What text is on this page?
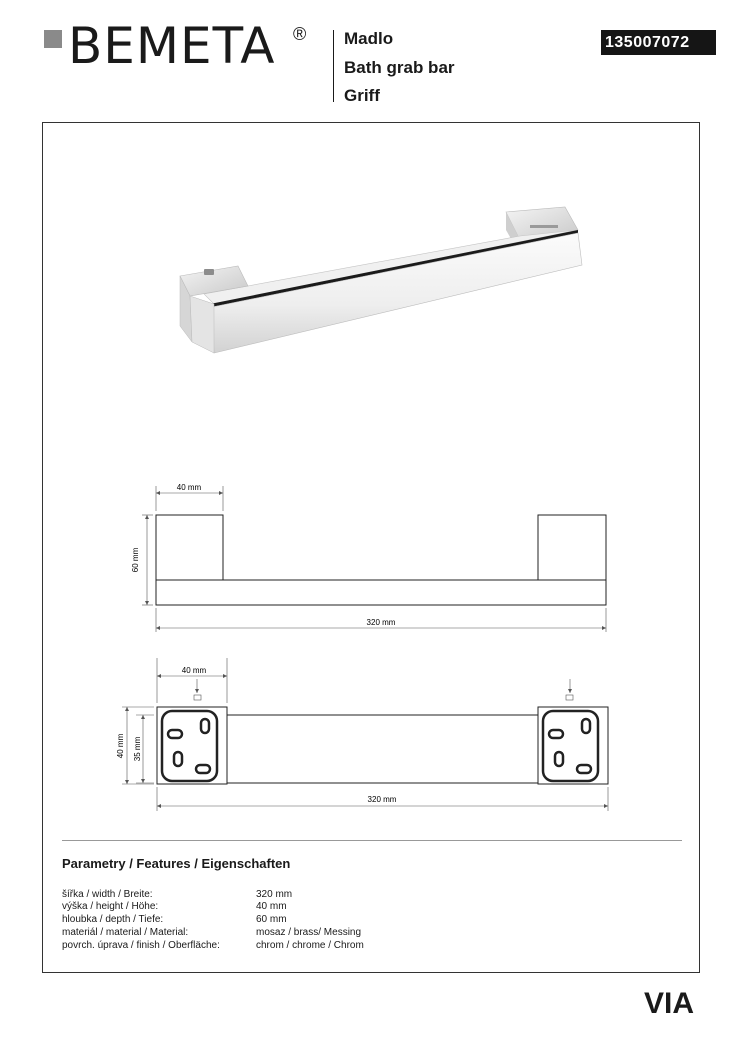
BEMETA ® Madlo
Bath grab bar
Griff
135007072
40 mm
60 mm
320 mm
40 mm
40 mm 35 mm
320 mm
Parametry / Features / Eigenschaften
šířka / width / Breite:	320 mm
výška / height / Höhe:	40 mm
hloubka / depth / Tiefe:	60 mm
materiál / material / Material:	mosaz / brass/ Messing
povrch. úprava / finish / Oberfläche:	chrom / chrome / Chrom
VIA
